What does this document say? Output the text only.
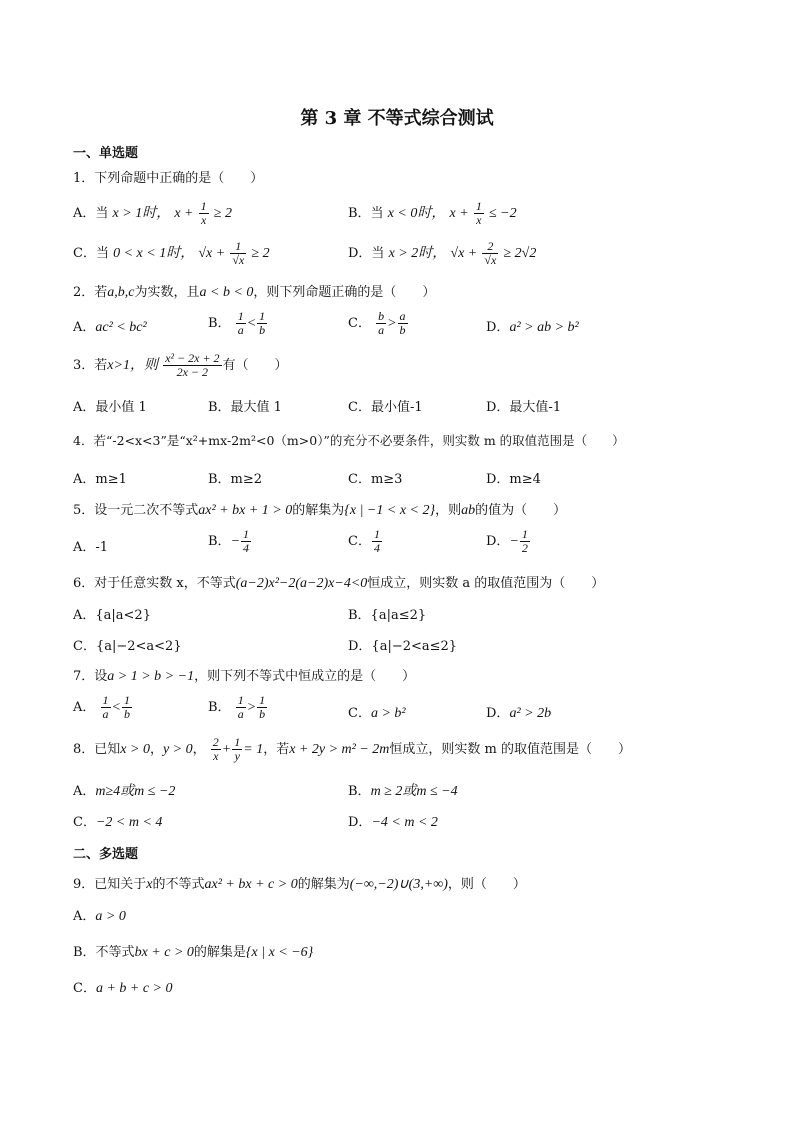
第 3 章 不等式综合测试
一、单选题
1．下列命题中正确的是（　　）
A．当 x > 1时， $x + \frac{1}{x} \ge 2$	B．当 x < 0时， $x + \frac{1}{x} \le -2$
C．当 0 < x < 1时， $√x + \frac{1}{√x} \ge 2$	D．当 x > 2时， $√x + \frac{2}{√x} \ge 2√2$
2．若a,b,c为实数，且a < b < 0，则下列命题正确的是（　　）
A．ac² < bc²	B． $\frac{1}{a} < \frac{1}{b}$	C． $\frac{b}{a} > \frac{a}{b}$	D．a² > ab > b²
3．若x>1，则 $\frac{\text{x² − 2x + 2}}{2x - 2}$ 有（　　）
A．最小值 1	B．最大值 1	C．最小值-1	D．最大值-1
4．若“-2<x<3”是“x²+mx-2m²<0（m>0）”的充分不必要条件，则实数 m 的取值范围是（　　）
A．m≥1	B．m≥2	C．m≥3	D．m≥4
5．设一元二次不等式ax² + bx + 1 > 0的解集为{x | −1 < x < 2}，则ab的值为（　　）
A．-1	B．− $\frac{1}{4}$	C． $\frac{1}{4}$	D．− $\frac{1}{2}$
6．对于任意实数 x，不等式(a−2)x²−2(a−2)x−4<0恒成立，则实数 a 的取值范围为（　　）
A．{a|a<2}	B．{a|a≤2}
C．{a|−2<a<2}	D．{a|−2<a≤2}
7．设a > 1 > b > −1，则下列不等式中恒成立的是（　　）
A． $\frac{1}{a} < \frac{1}{b}$	B． $\frac{1}{a} > \frac{1}{b}$	C．a > b²	D．a² > 2b
8．已知x > 0，y > 0， $\frac{2}{x} + \frac{1}{y} = 1$，若x + 2y > m² − 2m恒成立，则实数 m 的取值范围是（　　）
A．m≥4或m ≤ −2	B．m ≥ 2或m ≤ −4
C．−2 < m < 4	D．−4 < m < 2
二、多选题
9．已知关于x的不等式ax² + bx + c > 0的解集为(−∞,−2)∪(3,+∞)，则（　　）
A．a > 0
B．不等式bx + c > 0的解集是{x | x < −6}
C．a + b + c > 0
